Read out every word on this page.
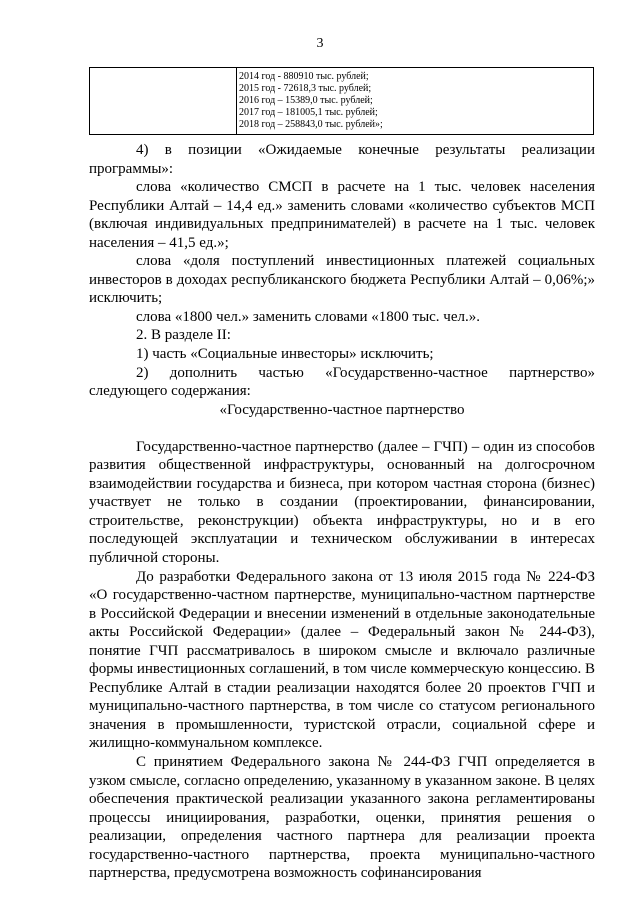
3

2014 год - 880910 тыс. рублей;
2015 год - 72618,3 тыс. рублей;
2016 год – 15389,0 тыс. рублей;
2017 год – 181005,1 тыс. рублей;
2018 год – 258843,0 тыс. рублей»;

4) в позиции «Ожидаемые конечные результаты реализации программы»:

слова «количество СМСП в расчете на 1 тыс. человек населения Республики Алтай – 14,4 ед.» заменить словами «количество субъектов МСП (включая индивидуальных предпринимателей) в расчете на 1 тыс. человек населения – 41,5 ед.»;

слова «доля поступлений инвестиционных платежей социальных инвесторов в доходах республиканского бюджета Республики Алтай – 0,06%;» исключить;

слова «1800 чел.» заменить словами «1800 тыс. чел.».

2. В разделе II:

1) часть «Социальные инвесторы» исключить;

2) дополнить частью «Государственно-частное партнерство» следующего содержания:

«Государственно-частное партнерство

Государственно-частное партнерство (далее – ГЧП) – один из способов развития общественной инфраструктуры, основанный на долгосрочном взаимодействии государства и бизнеса, при котором частная сторона (бизнес) участвует не только в создании (проектировании, финансировании, строительстве, реконструкции) объекта инфраструктуры, но и в его последующей эксплуатации и техническом обслуживании в интересах публичной стороны.

До разработки Федерального закона от 13 июля 2015 года № 224-ФЗ «О государственно-частном партнерстве, муниципально-частном партнерстве в Российской Федерации и внесении изменений в отдельные законодательные акты Российской Федерации» (далее – Федеральный закон № 244-ФЗ), понятие ГЧП рассматривалось в широком смысле и включало различные формы инвестиционных соглашений, в том числе коммерческую концессию. В Республике Алтай в стадии реализации находятся более 20 проектов ГЧП и муниципально-частного партнерства, в том числе со статусом регионального значения в промышленности, туристской отрасли, социальной сфере и жилищно-коммунальном комплексе.

С принятием Федерального закона № 244-ФЗ ГЧП определяется в узком смысле, согласно определению, указанному в указанном законе. В целях обеспечения практической реализации указанного закона регламентированы процессы инициирования, разработки, оценки, принятия решения о реализации, определения частного партнера для реализации проекта государственно-частного партнерства, проекта муниципально-частного партнерства, предусмотрена возможность софинансирования
